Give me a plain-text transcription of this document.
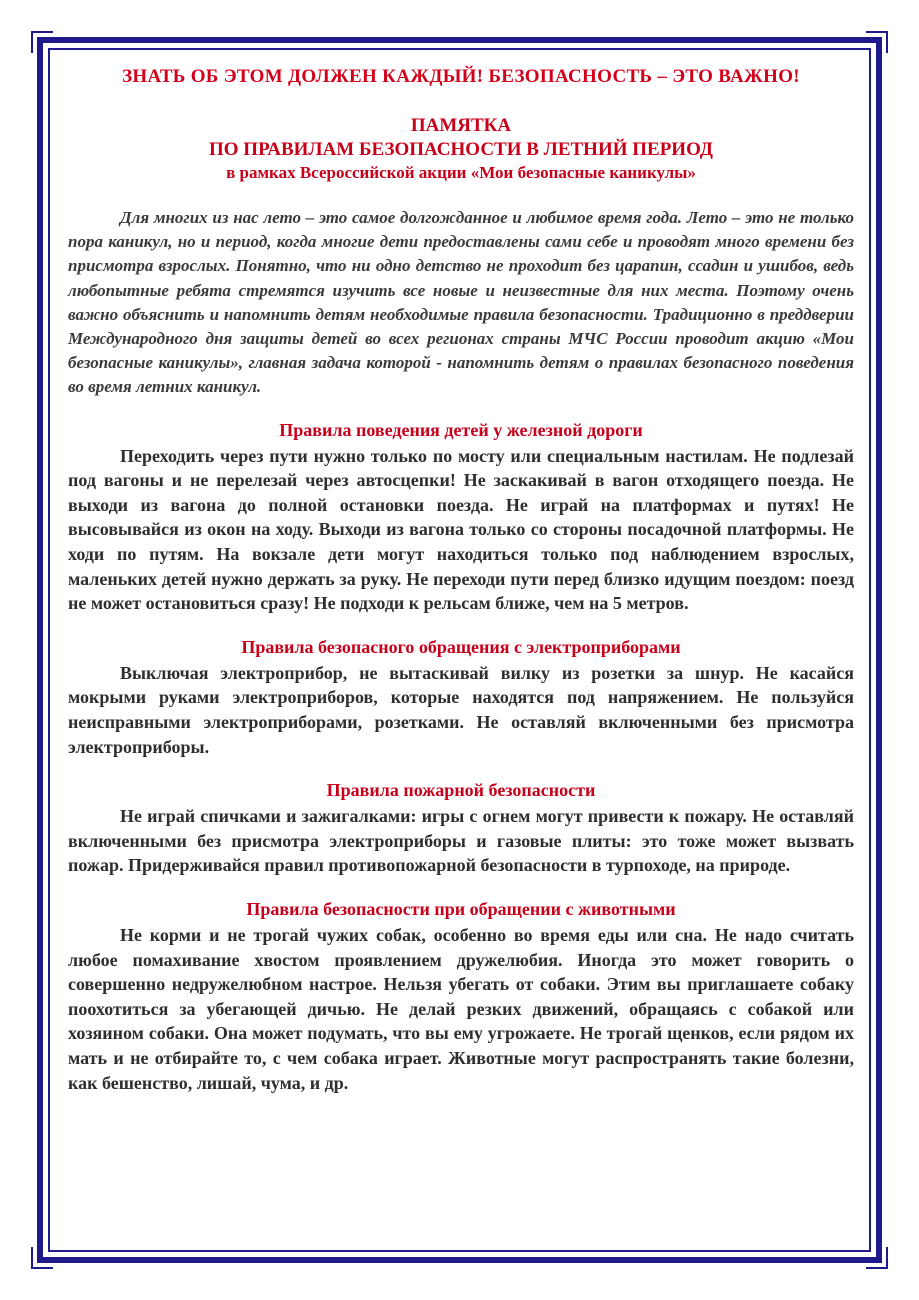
ЗНАТЬ ОБ ЭТОМ ДОЛЖЕН КАЖДЫЙ! БЕЗОПАСНОСТЬ – ЭТО ВАЖНО!
ПАМЯТКА
ПО ПРАВИЛАМ БЕЗОПАСНОСТИ В ЛЕТНИЙ ПЕРИОД
в рамках Всероссийской акции «Мои безопасные каникулы»

Для многих из нас лето – это самое долгожданное и любимое время года. Лето – это не только пора каникул, но и период, когда многие дети предоставлены сами себе и проводят много времени без присмотра взрослых. Понятно, что ни одно детство не проходит без царапин, ссадин и ушибов, ведь любопытные ребята стремятся изучить все новые и неизвестные для них места. Поэтому очень важно объяснить и напомнить детям необходимые правила безопасности. Традиционно в преддверии Международного дня защиты детей во всех регионах страны МЧС России проводит акцию «Мои безопасные каникулы», главная задача которой - напомнить детям о правилах безопасного поведения во время летних каникул.

Правила поведения детей у железной дороги

Переходить через пути нужно только по мосту или специальным настилам. Не подлезай под вагоны и не перелезай через автосцепки! Не заскакивай в вагон отходящего поезда. Не выходи из вагона до полной остановки поезда. Не играй на платформах и путях! Не высовывайся из окон на ходу. Выходи из вагона только со стороны посадочной платформы. Не ходи по путям. На вокзале дети могут находиться только под наблюдением взрослых, маленьких детей нужно держать за руку. Не переходи пути перед близко идущим поездом: поезд не может остановиться сразу! Не подходи к рельсам ближе, чем на 5 метров.

Правила безопасного обращения с электроприборами

Выключая электроприбор, не вытаскивай вилку из розетки за шнур. Не касайся мокрыми руками электроприборов, которые находятся под напряжением. Не пользуйся неисправными электроприборами, розетками. Не оставляй включенными без присмотра электроприборы.

Правила пожарной безопасности

Не играй спичками и зажигалками: игры с огнем могут привести к пожару. Не оставляй включенными без присмотра электроприборы и газовые плиты: это тоже может вызвать пожар. Придерживайся правил противопожарной безопасности в турпоходе, на природе.

Правила безопасности при обращении с животными

Не корми и не трогай чужих собак, особенно во время еды или сна. Не надо считать любое помахивание хвостом проявлением дружелюбия. Иногда это может говорить о совершенно недружелюбном настрое. Нельзя убегать от собаки. Этим вы приглашаете собаку поохотиться за убегающей дичью. Не делай резких движений, обращаясь с собакой или хозяином собаки. Она может подумать, что вы ему угрожаете. Не трогай щенков, если рядом их мать и не отбирайте то, с чем собака играет. Животные могут распространять такие болезни, как бешенство, лишай, чума, и др.
